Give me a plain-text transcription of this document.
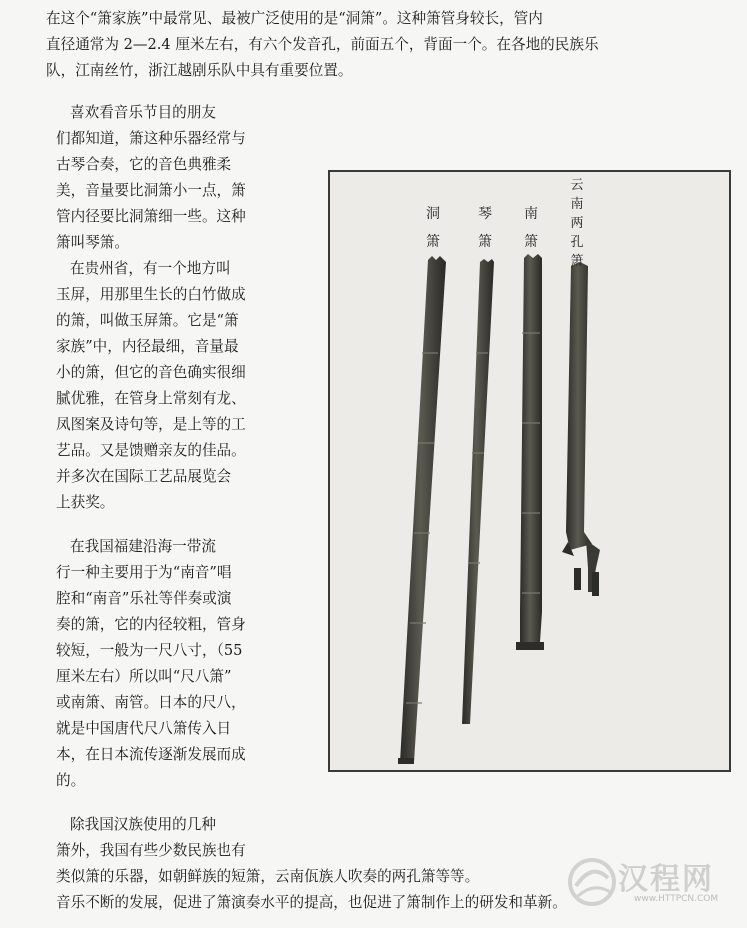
在这个“箫家族”中最常见、最被广泛使用的是“洞箫”。这种箫管身较长，管内
直径通常为 2—2.4 厘米左右，有六个发音孔，前面五个，背面一个。在各地的民族乐
队，江南丝竹，浙江越剧乐队中具有重要位置。

喜欢看音乐节目的朋友
们都知道，箫这种乐器经常与
古琴合奏，它的音色典雅柔
美，音量要比洞箫小一点，箫
管内径要比洞箫细一些。这种
箫叫琴箫。

在贵州省，有一个地方叫
玉屏，用那里生长的白竹做成
的箫，叫做玉屏箫。它是“箫
家族”中，内径最细，音量最
小的箫，但它的音色确实很细
腻优雅，在管身上常刻有龙、
凤图案及诗句等，是上等的工
艺品。又是馈赠亲友的佳品。
并多次在国际工艺品展览会
上获奖。

在我国福建沿海一带流
行一种主要用于为“南音”唱
腔和“南音”乐社等伴奏或演
奏的箫，它的内径较粗，管身
较短，一般为一尺八寸，（55
厘米左右）所以叫“尺八箫”
或南箫、南管。日本的尺八，
就是中国唐代尺八箫传入日
本，在日本流传逐渐发展而成
的。

除我国汉族使用的几种
箫外，我国有些少数民族也有
类似箫的乐器，如朝鲜族的短箫，云南佤族人吹奏的两孔箫等等。

音乐不断的发展，促进了箫演奏水平的提高，也促进了箫制作上的研发和革新。

洞
箫
琴
箫
南
箫
云
南
两
孔
箫
汉程网
www.HTTPCN.COM
